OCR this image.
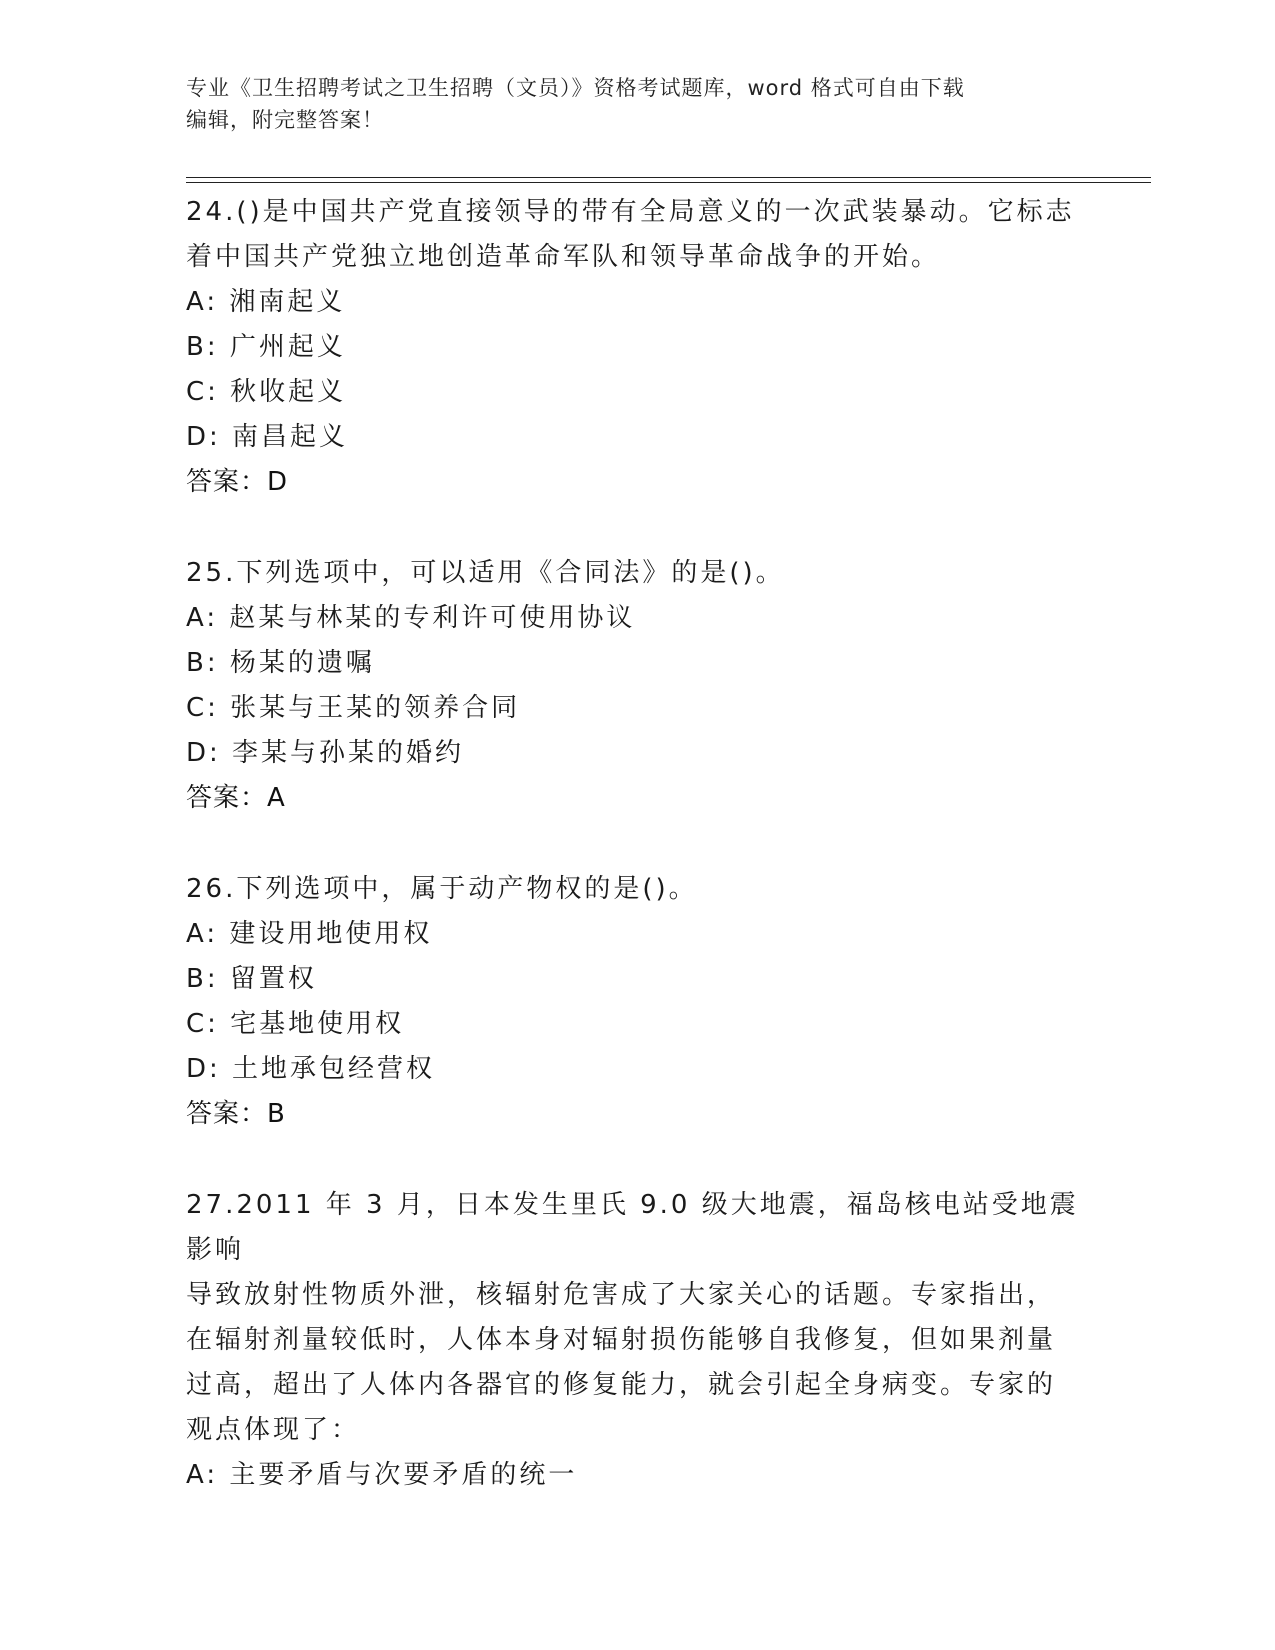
专业《卫生招聘考试之卫生招聘（文员）》资格考试题库，word 格式可自由下载
编辑，附完整答案！

24.()是中国共产党直接领导的带有全局意义的一次武装暴动。它标志

着中国共产党独立地创造革命军队和领导革命战争的开始。

A: 湘南起义

B: 广州起义

C: 秋收起义

D: 南昌起义

答案：D

25.下列选项中，可以适用《合同法》的是()。

A: 赵某与林某的专利许可使用协议

B: 杨某的遗嘱

C: 张某与王某的领养合同

D: 李某与孙某的婚约

答案：A

26.下列选项中，属于动产物权的是()。

A: 建设用地使用权

B: 留置权

C: 宅基地使用权

D: 土地承包经营权

答案：B

27.2011 年 3 月，日本发生里氏 9.0 级大地震，福岛核电站受地震影响

导致放射性物质外泄，核辐射危害成了大家关心的话题。专家指出，

在辐射剂量较低时，人体本身对辐射损伤能够自我修复，但如果剂量

过高，超出了人体内各器官的修复能力，就会引起全身病变。专家的

观点体现了：

A: 主要矛盾与次要矛盾的统一
